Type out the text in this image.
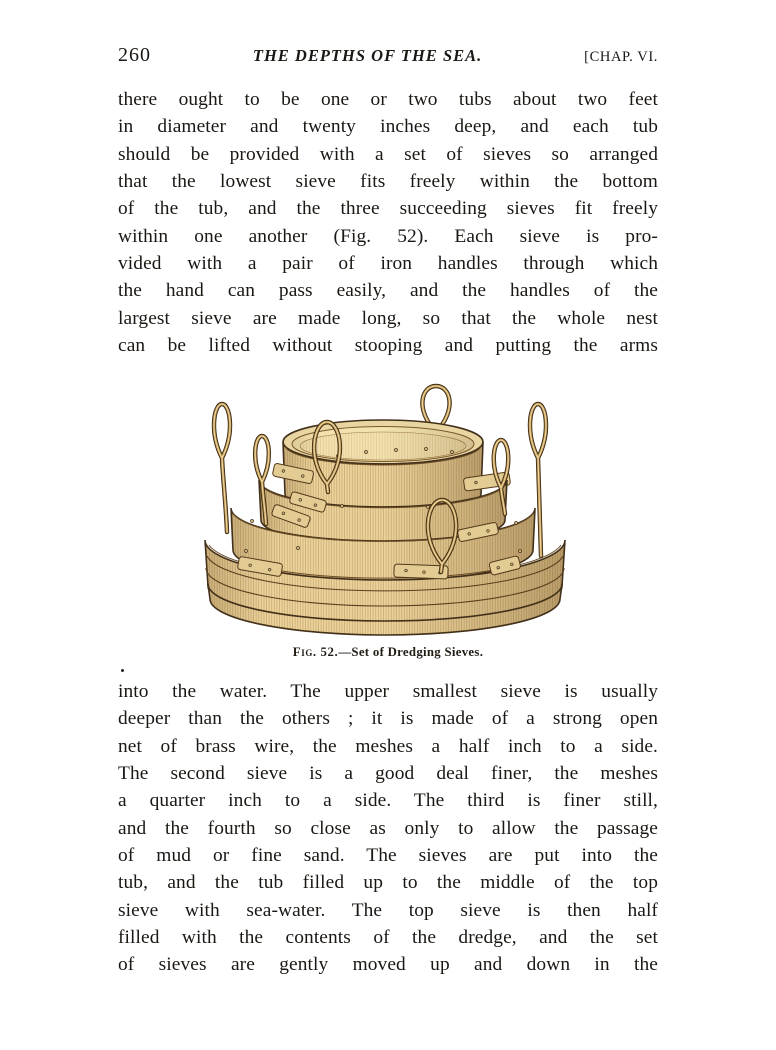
260	THE DEPTHS OF THE SEA.	[CHAP. VI.
there ought to be one or two tubs about two feet
in diameter and twenty inches deep, and each tub
should be provided with a set of sieves so arranged
that the lowest sieve fits freely within the bottom
of the tub, and the three succeeding sieves fit freely
within one another (Fig. 52). Each sieve is pro-
vided with a pair of iron handles through which
the hand can pass easily, and the handles of the
largest sieve are made long, so that the whole nest
can be lifted without stooping and putting the arms
Fig. 52.—Set of Dredging Sieves.
into the water. The upper smallest sieve is usually
deeper than the others ; it is made of a strong open
net of brass wire, the meshes a half inch to a side.
The second sieve is a good deal finer, the meshes
a quarter inch to a side. The third is finer still,
and the fourth so close as only to allow the passage
of mud or fine sand. The sieves are put into the
tub, and the tub filled up to the middle of the top
sieve with sea-water. The top sieve is then half
filled with the contents of the dredge, and the set
of sieves are gently moved up and down in the
